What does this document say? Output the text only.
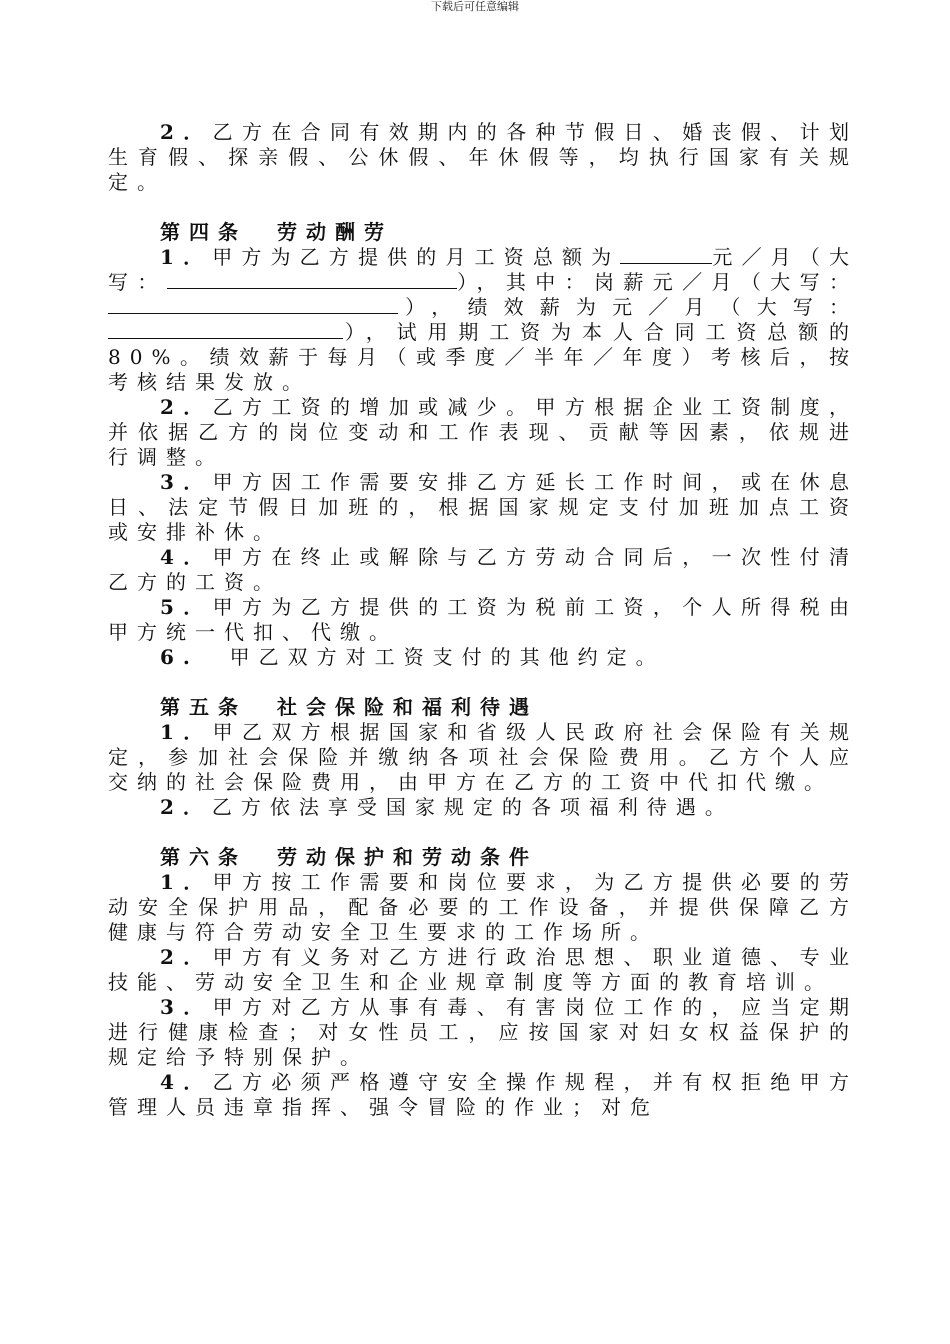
下载后可任意编辑

2．乙方在合同有效期内的各种节假日、婚丧假、计划生育假、探亲假、公休假、年休假等，均执行国家有关规定。

第四条 劳动酬劳

1．甲方为乙方提供的月工资总额为	元／月（大写：	），其中：岗薪元／月（大写：），绩效薪为元／月（大写：），试用期工资为本人合同工资总额的80%。绩效薪于每月（或季度／半年／年度）考核后，按考核结果发放。

2．乙方工资的增加或减少。甲方根据企业工资制度，并依据乙方的岗位变动和工作表现、贡献等因素，依规进行调整。

3．甲方因工作需要安排乙方延长工作时间，或在休息日、法定节假日加班的，根据国家规定支付加班加点工资或安排补休。

4．甲方在终止或解除与乙方劳动合同后，一次性付清乙方的工资。

5．甲方为乙方提供的工资为税前工资，个人所得税由甲方统一代扣、代缴。

6. 甲乙双方对工资支付的其他约定。

第五条 社会保险和福利待遇

1．甲乙双方根据国家和省级人民政府社会保险有关规定，参加社会保险并缴纳各项社会保险费用。乙方个人应交纳的社会保险费用，由甲方在乙方的工资中代扣代缴。

2．乙方依法享受国家规定的各项福利待遇。

第六条 劳动保护和劳动条件

1．甲方按工作需要和岗位要求，为乙方提供必要的劳动安全保护用品，配备必要的工作设备，并提供保障乙方健康与符合劳动安全卫生要求的工作场所。

2．甲方有义务对乙方进行政治思想、职业道德、专业技能、劳动安全卫生和企业规章制度等方面的教育培训。

3．甲方对乙方从事有毒、有害岗位工作的，应当定期进行健康检查；对女性员工，应按国家对妇女权益保护的规定给予特别保护。

4．乙方必须严格遵守安全操作规程，并有权拒绝甲方管理人员违章指挥、强令冒险的作业；对危
